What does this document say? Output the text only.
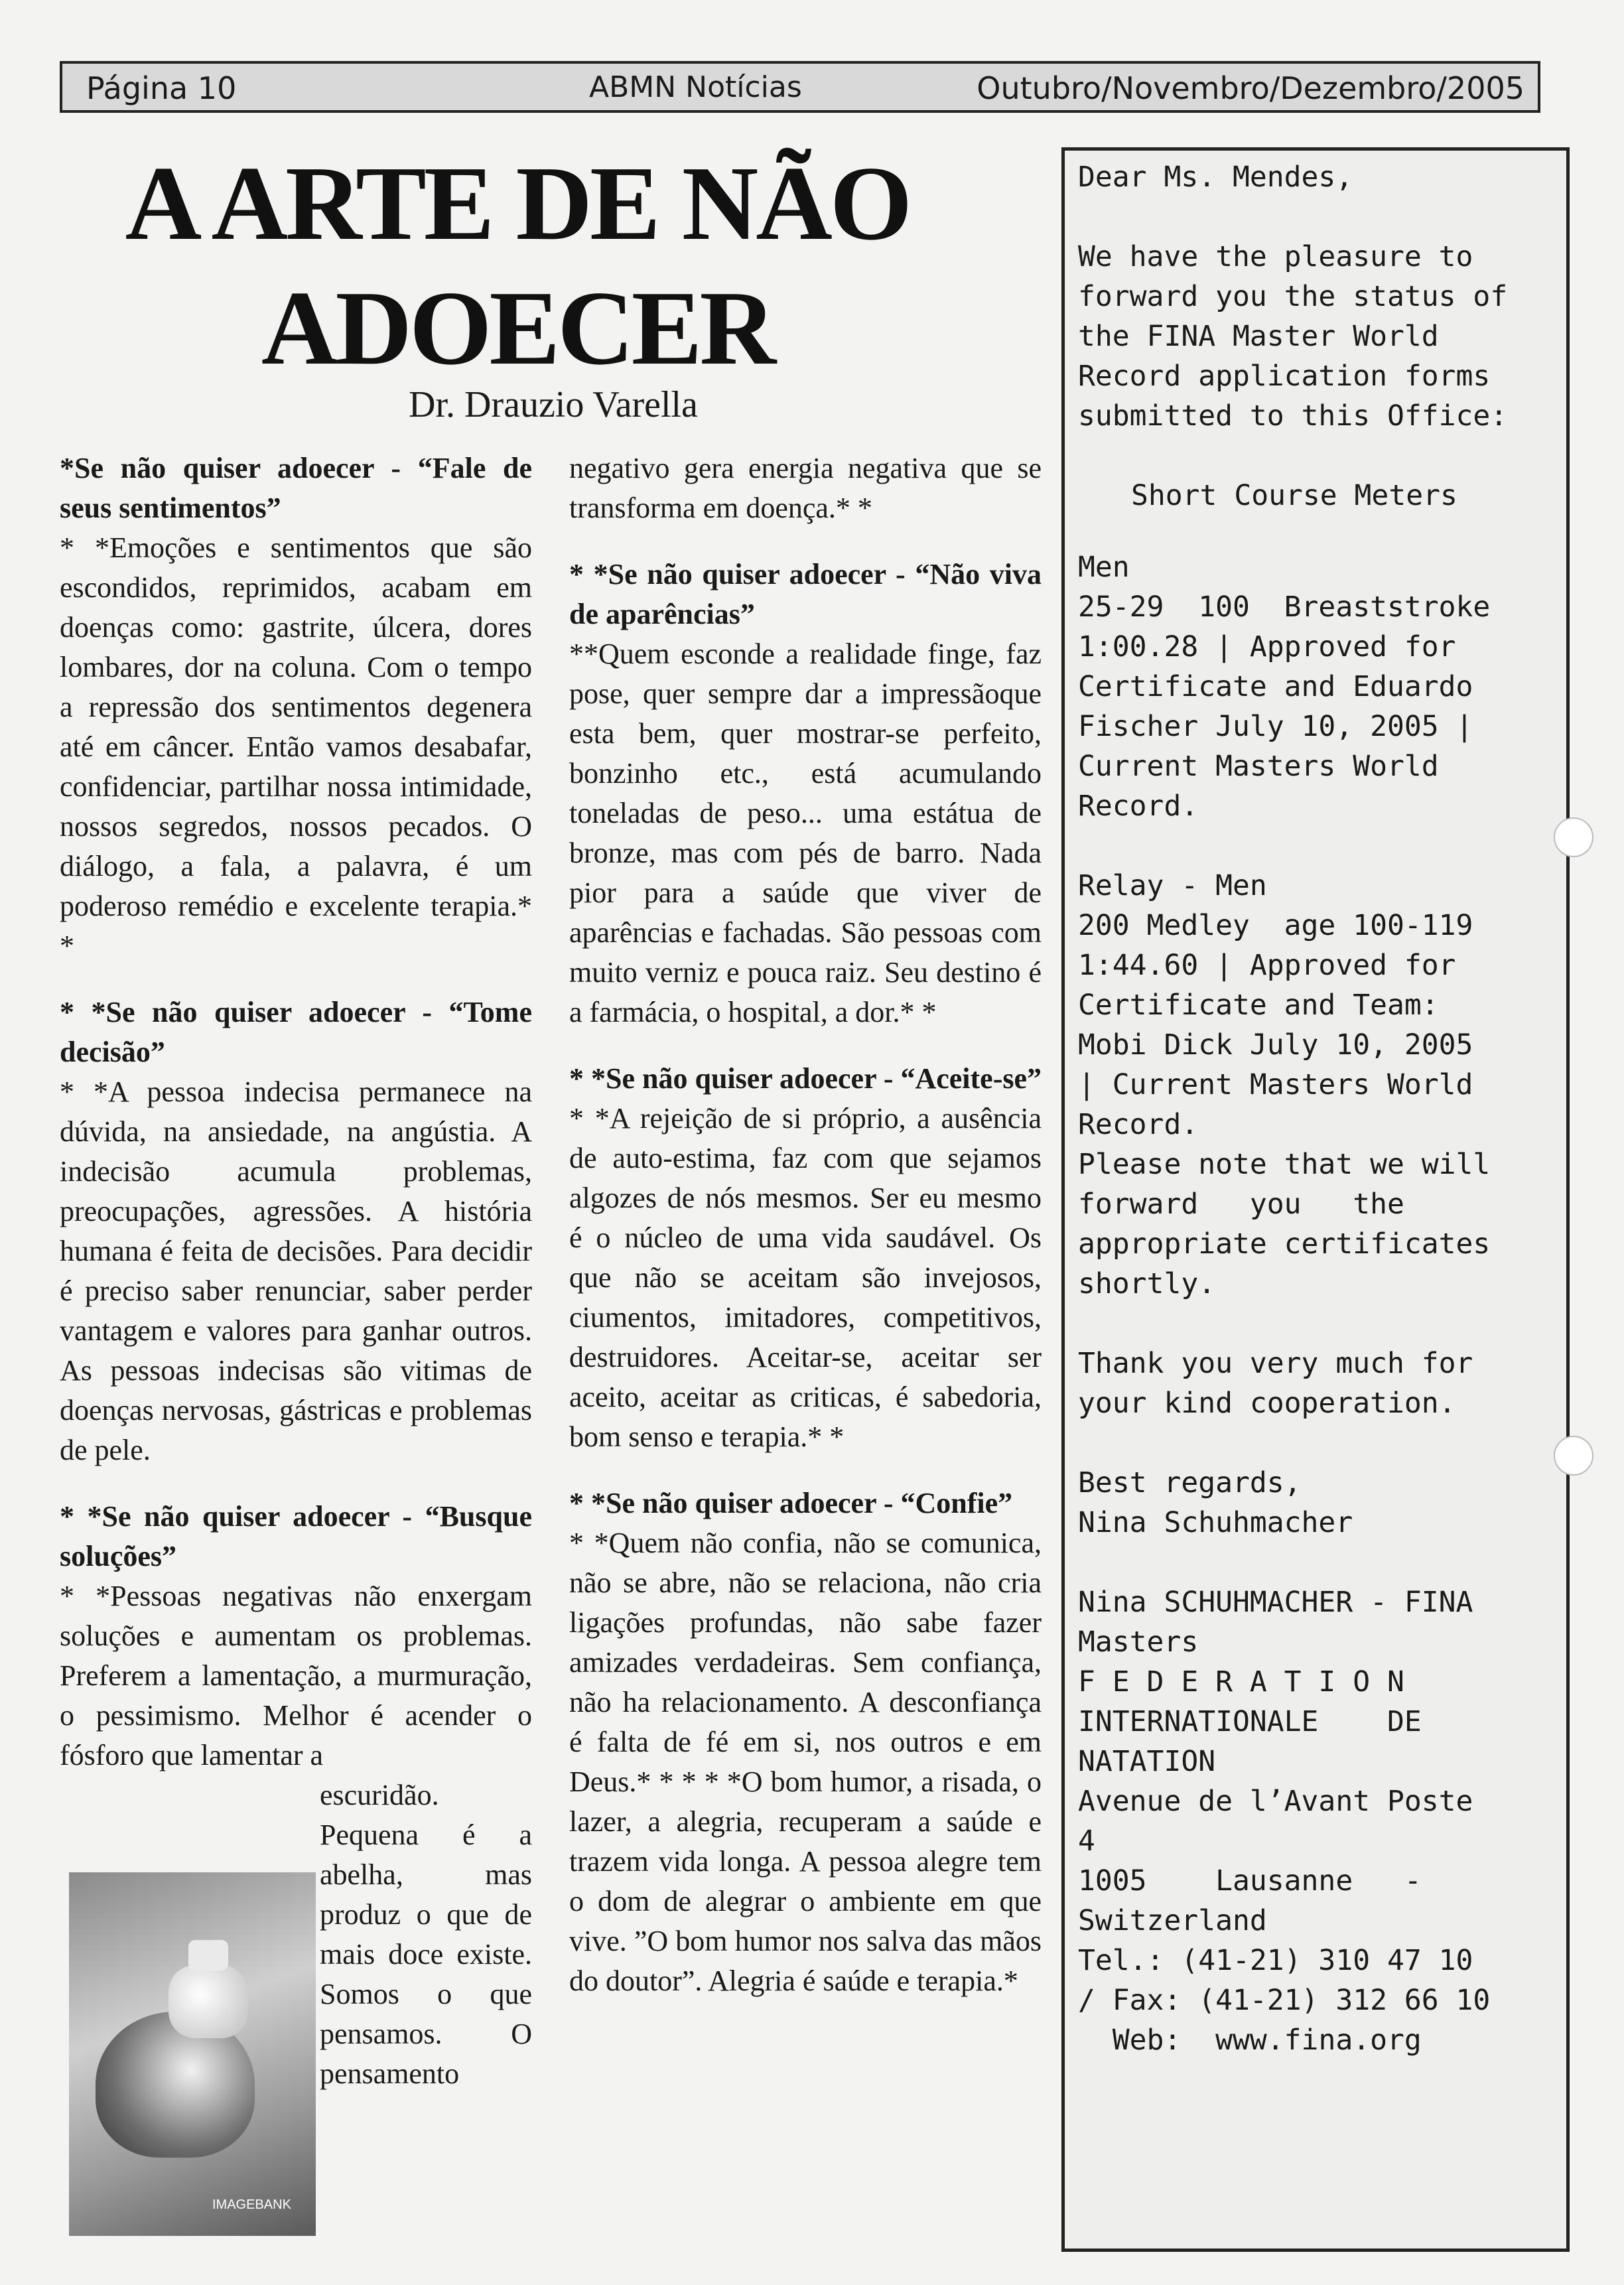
Página 10	ABMN Notícias	Outubro/Novembro/Dezembro/2005
A ARTE DE NÃO
ADOECER
Dr. Drauzio Varella

*Se não quiser adoecer - “Fale de seus sentimentos”
* *Emoções e sentimentos que são escondidos, reprimidos, acabam em doenças como: gastrite, úlcera, dores lombares, dor na coluna. Com o tempo a repressão dos sentimentos degenera até em câncer. Então vamos desabafar, confidenciar, partilhar nossa intimidade, nossos segredos, nossos pecados. O diálogo, a fala, a palavra, é um poderoso remédio e excelente terapia.* *

* *Se não quiser adoecer - “Tome decisão”
* *A pessoa indecisa permanece na dúvida, na ansiedade, na angústia. A indecisão acumula problemas, preocupações, agressões. A história humana é feita de decisões. Para decidir é preciso saber renunciar, saber perder vantagem e valores para ganhar outros. As pessoas indecisas são vitimas de doenças nervosas, gástricas e problemas de pele.

* *Se não quiser adoecer - “Busque soluções”
* *Pessoas negativas não enxergam soluções e aumentam os problemas. Preferem a lamentação, a murmuração, o pessimismo. Melhor é acender o fósforo que lamentar a

escuridão. Pequena é a abelha, mas produz o que de mais doce existe. Somos o que pensamos. O pensamento
IMAGEBANK

negativo gera energia negativa que se transforma em doença.* *

* *Se não quiser adoecer - “Não viva de aparências”
**Quem esconde a realidade finge, faz pose, quer sempre dar a impressãoque esta bem, quer mostrar-se perfeito, bonzinho etc., está acumulando toneladas de peso... uma estátua de bronze, mas com pés de barro. Nada pior para a saúde que viver de aparências e fachadas. São pessoas com muito verniz e pouca raiz. Seu destino é a farmácia, o hospital, a dor.* *

* *Se não quiser adoecer - “Aceite-se”
* *A rejeição de si próprio, a ausência de auto-estima, faz com que sejamos algozes de nós mesmos. Ser eu mesmo é o núcleo de uma vida saudável. Os que não se aceitam são invejosos, ciumentos, imitadores, competitivos, destruidores. Aceitar-se, aceitar ser aceito, aceitar as criticas, é sabedoria, bom senso e terapia.* *

* *Se não quiser adoecer - “Confie”
* *Quem não confia, não se comunica, não se abre, não se relaciona, não cria ligações profundas, não sabe fazer amizades verdadeiras. Sem confiança, não ha relacionamento. A desconfiança é falta de fé em si, nos outros e em Deus.* * * * *O bom humor, a risada, o lazer, a alegria, recuperam a saúde e trazem vida longa. A pessoa alegre tem o dom de alegrar o ambiente em que vive. ”O bom humor nos salva das mãos do doutor”. Alegria é saúde e terapia.*

Dear Ms. Mendes,
We have the pleasure to forward you the status of the FINA Master World Record application forms submitted to this Office:
Short Course Meters
Men
25-29  100  Breaststroke
1:00.28 | Approved for
Certificate and Eduardo
Fischer July 10, 2005 |
Current Masters World
Record.
Relay - Men
200 Medley  age 100-119
1:44.60 | Approved for
Certificate and Team:
Mobi Dick July 10, 2005
| Current Masters World
Record.
Please note that we will
forward   you   the
appropriate certificates
shortly.
Thank you very much for
your kind cooperation.
Best regards,
Nina Schuhmacher
Nina SCHUHMACHER - FINA
Masters
F E D E R A T I O N
INTERNATIONALE    DE
NATATION
Avenue de l’Avant Poste
4
1005    Lausanne   -
Switzerland
Tel.: (41-21) 310 47 10
/ Fax: (41-21) 312 66 10
Web:  www.fina.org
